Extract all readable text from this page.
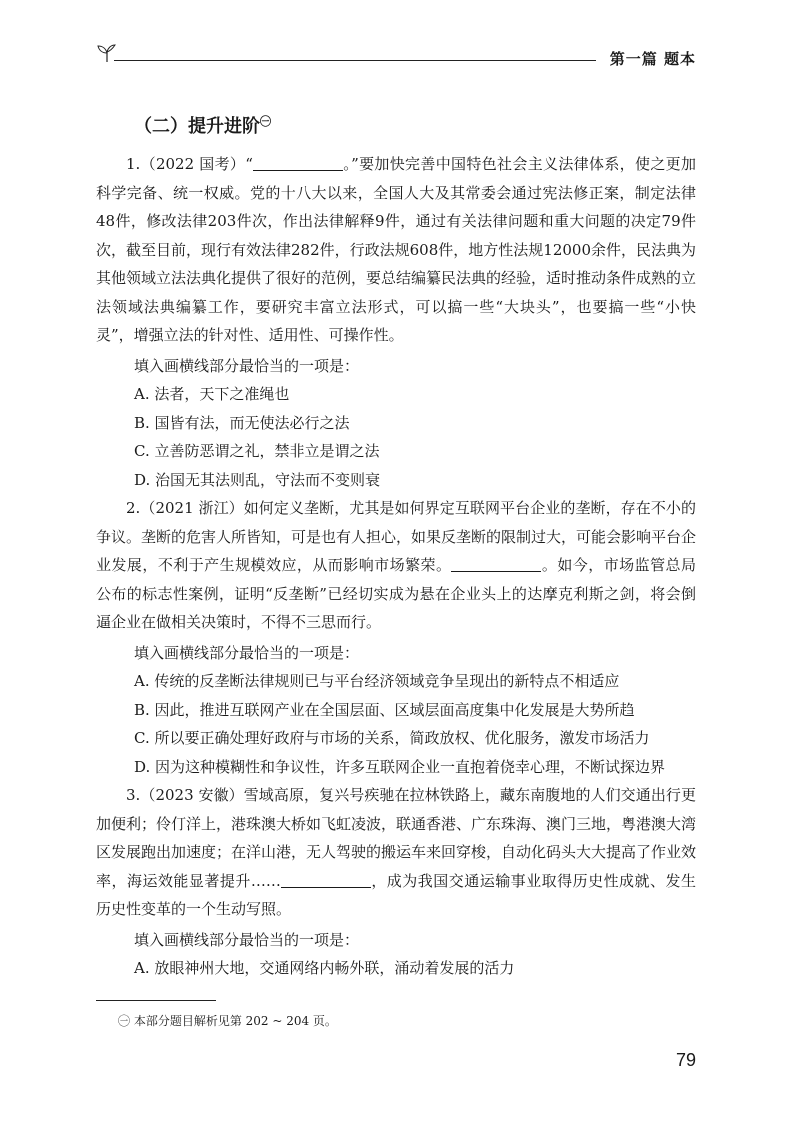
第一篇 题本
（二）提升进阶$^㊀$

1.（2022 国考）“	。”要加快完善中国特色社会主义法律体系，使之更加科学完备、统一权威。党的十八大以来，全国人大及其常委会通过宪法修正案，制定法律48件，修改法律203件次，作出法律解释9件，通过有关法律问题和重大问题的决定79件次，截至目前，现行有效法律282件，行政法规608件，地方性法规12000余件，民法典为其他领域立法法典化提供了很好的范例，要总结编纂民法典的经验，适时推动条件成熟的立法领域法典编纂工作，要研究丰富立法形式，可以搞一些“大块头”，也要搞一些“小快灵”，增强立法的针对性、适用性、可操作性。

填入画横线部分最恰当的一项是：
A. 法者，天下之准绳也
B. 国皆有法，而无使法必行之法
C. 立善防恶谓之礼，禁非立是谓之法
D. 治国无其法则乱，守法而不变则衰

2.（2021 浙江）如何定义垄断，尤其是如何界定互联网平台企业的垄断，存在不小的争议。垄断的危害人所皆知，可是也有人担心，如果反垄断的限制过大，可能会影响平台企业发展，不利于产生规模效应，从而影响市场繁荣。	。如今，市场监管总局公布的标志性案例，证明“反垄断”已经切实成为悬在企业头上的达摩克利斯之剑，将会倒逼企业在做相关决策时，不得不三思而行。

填入画横线部分最恰当的一项是：
A. 传统的反垄断法律规则已与平台经济领域竞争呈现出的新特点不相适应
B. 因此，推进互联网产业在全国层面、区域层面高度集中化发展是大势所趋
C. 所以要正确处理好政府与市场的关系，简政放权、优化服务，激发市场活力
D. 因为这种模糊性和争议性，许多互联网企业一直抱着侥幸心理，不断试探边界

3.（2023 安徽）雪域高原，复兴号疾驰在拉林铁路上，藏东南腹地的人们交通出行更加便利；伶仃洋上，港珠澳大桥如飞虹凌波，联通香港、广东珠海、澳门三地，粤港澳大湾区发展跑出加速度；在洋山港，无人驾驶的搬运车来回穿梭，自动化码头大大提高了作业效率，海运效能显著提升……	，成为我国交通运输事业取得历史性成就、发生历史性变革的一个生动写照。

填入画横线部分最恰当的一项是：
A. 放眼神州大地，交通网络内畅外联，涌动着发展的活力
㊀ 本部分题目解析见第 202 ~ 204 页。
79
